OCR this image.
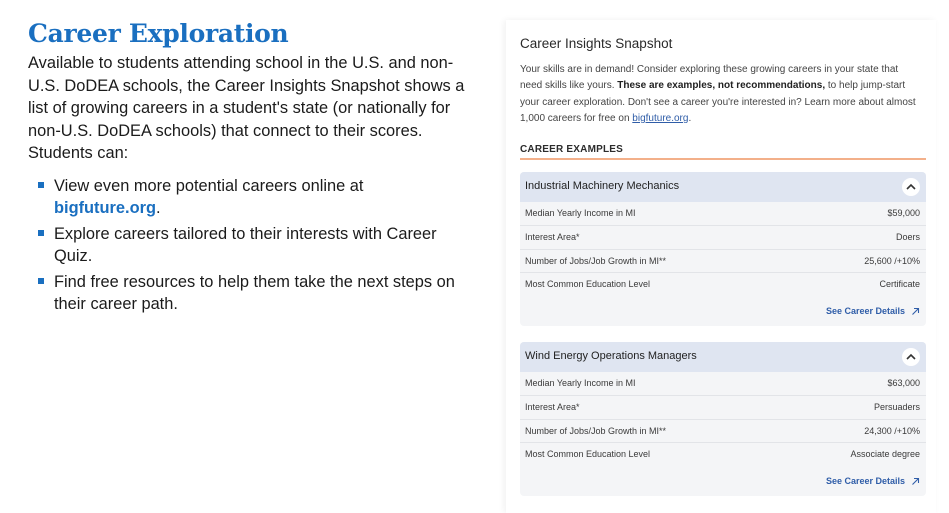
Career Exploration

Available to students attending school in the U.S. and non-U.S. DoDEA schools, the Career Insights Snapshot shows a list of growing careers in a student's state (or nationally for non-U.S. DoDEA schools) that connect to their scores. Students can:

View even more potential careers online at bigfuture.org.
Explore careers tailored to their interests with Career Quiz.
Find free resources to help them take the next steps on their career path.
Career Insights Snapshot
Your skills are in demand! Consider exploring these growing careers in your state that need skills like yours. These are examples, not recommendations, to help jump-start your career exploration. Don't see a career you're interested in? Learn more about almost 1,000 careers for free on bigfuture.org.
CAREER EXAMPLES
Industrial Machinery Mechanics
Median Yearly Income in MI	$59,000
Interest Area*	Doers
Number of Jobs/Job Growth in MI**	25,600 /+10%
Most Common Education Level	Certificate
See Career Details
Wind Energy Operations Managers
Median Yearly Income in MI	$63,000
Interest Area*	Persuaders
Number of Jobs/Job Growth in MI**	24,300 /+10%
Most Common Education Level	Associate degree
See Career Details
